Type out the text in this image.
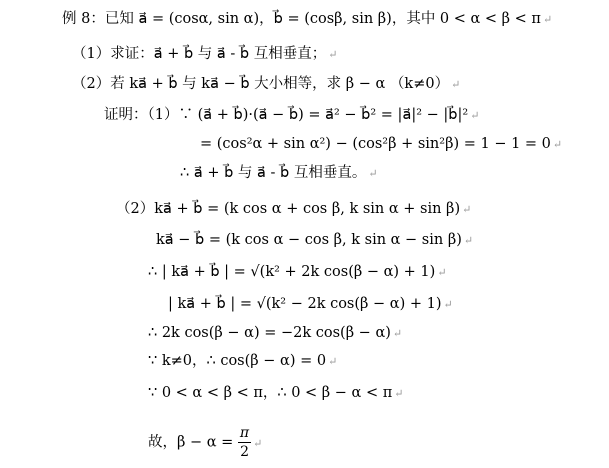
例 8：已知 a⃗ = (cosα, sin α)，b⃗ = (cosβ, sin β)，其中 0 < α < β < π ↵
（1）求证：a⃗ + b⃗ 与 a⃗ - b⃗ 互相垂直； ↵
（2）若 ka⃗ + b⃗ 与 ka⃗ − b⃗ 大小相等，求 β − α （k≠0） ↵
证明：（1）∵ (a⃗ + b⃗)·(a⃗ − b⃗) = a⃗² − b⃗² = |a⃗|² − |b⃗|² ↵
= (cos²α + sin α²) − (cos²β + sin²β) = 1 − 1 = 0 ↵
∴ a⃗ + b⃗ 与 a⃗ - b⃗ 互相垂直。 ↵
（2）ka⃗ + b⃗ = (k cos α + cos β, k sin α + sin β) ↵
ka⃗ − b⃗ = (k cos α − cos β, k sin α − sin β) ↵
∴ | ka⃗ + b⃗ | = √(k² + 2k cos(β − α) + 1) ↵
| ka⃗ + b⃗ | = √(k² − 2k cos(β − α) + 1) ↵
∴ 2k cos(β − α) = −2k cos(β − α) ↵
∵ k≠0，∴ cos(β − α) = 0 ↵
∵ 0 < α < β < π，∴ 0 < β − α < π ↵
故，$\beta - \alpha = \frac{\pi}{2}$ ↵
